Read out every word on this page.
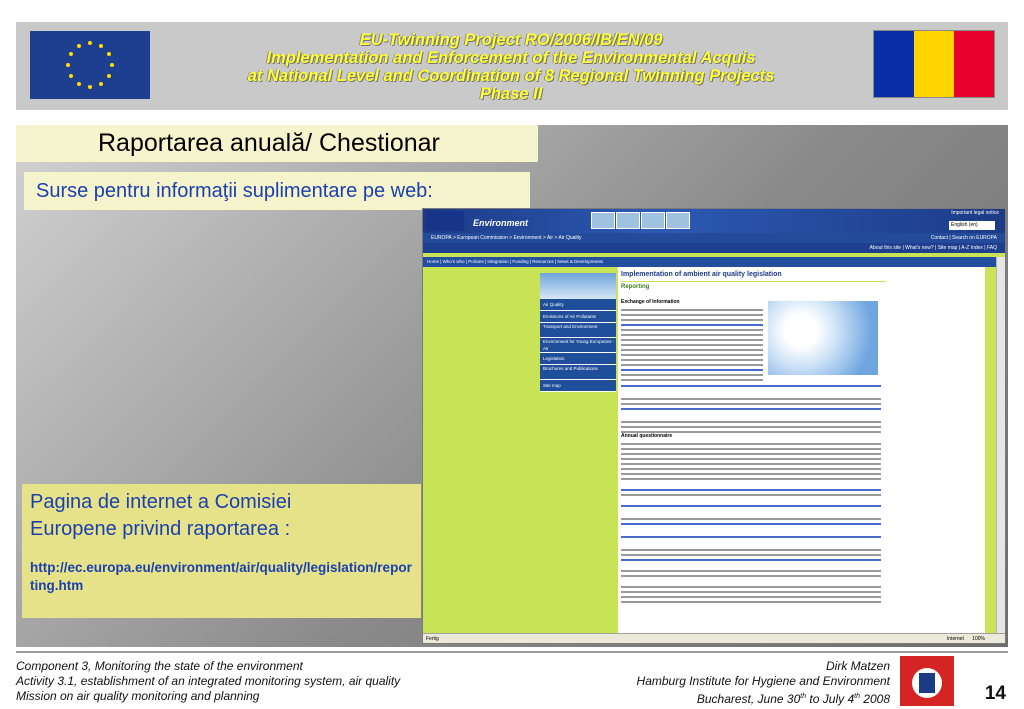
EU-Twinning Project RO/2006/IB/EN/09
Implementation and Enforcement of the Environmental Acquis
at National Level and Coordination of 8 Regional Twinning Projects
Phase II
Raportarea anuală/ Chestionar
Surse pentru informaţii suplimentare pe web:
Pagina de internet a Comisiei
Europene privind raportarea :
http://ec.europa.eu/environment/air/quality/legislation/reporting.htm
Environment
Important legal notice
English (en)
EUROPA > European Commission > Environment > Air > Air Quality	Contact | Search on EUROPA
About this site | What's new? | Site map | A-Z Index | FAQ
Home | Who's who | Policies | Integration | Funding | Resources | News & Developments
Air Quality
Emissions of Air Pollutants
Transport and Environment
Environment for Young Europeans - Air
Legislation
Brochures and Publications
Site map
Implementation of ambient air quality legislation
Reporting
Exchange of Information
Annual questionnaire
Fertig	Internet 100%
Component 3, Monitoring the state of the environment
Activity 3.1, establishment of an integrated monitoring system, air quality
Mission on air quality monitoring and planning
Dirk Matzen
Hamburg Institute for Hygiene and Environment
Bucharest, June 30th to July 4th 2008	14
